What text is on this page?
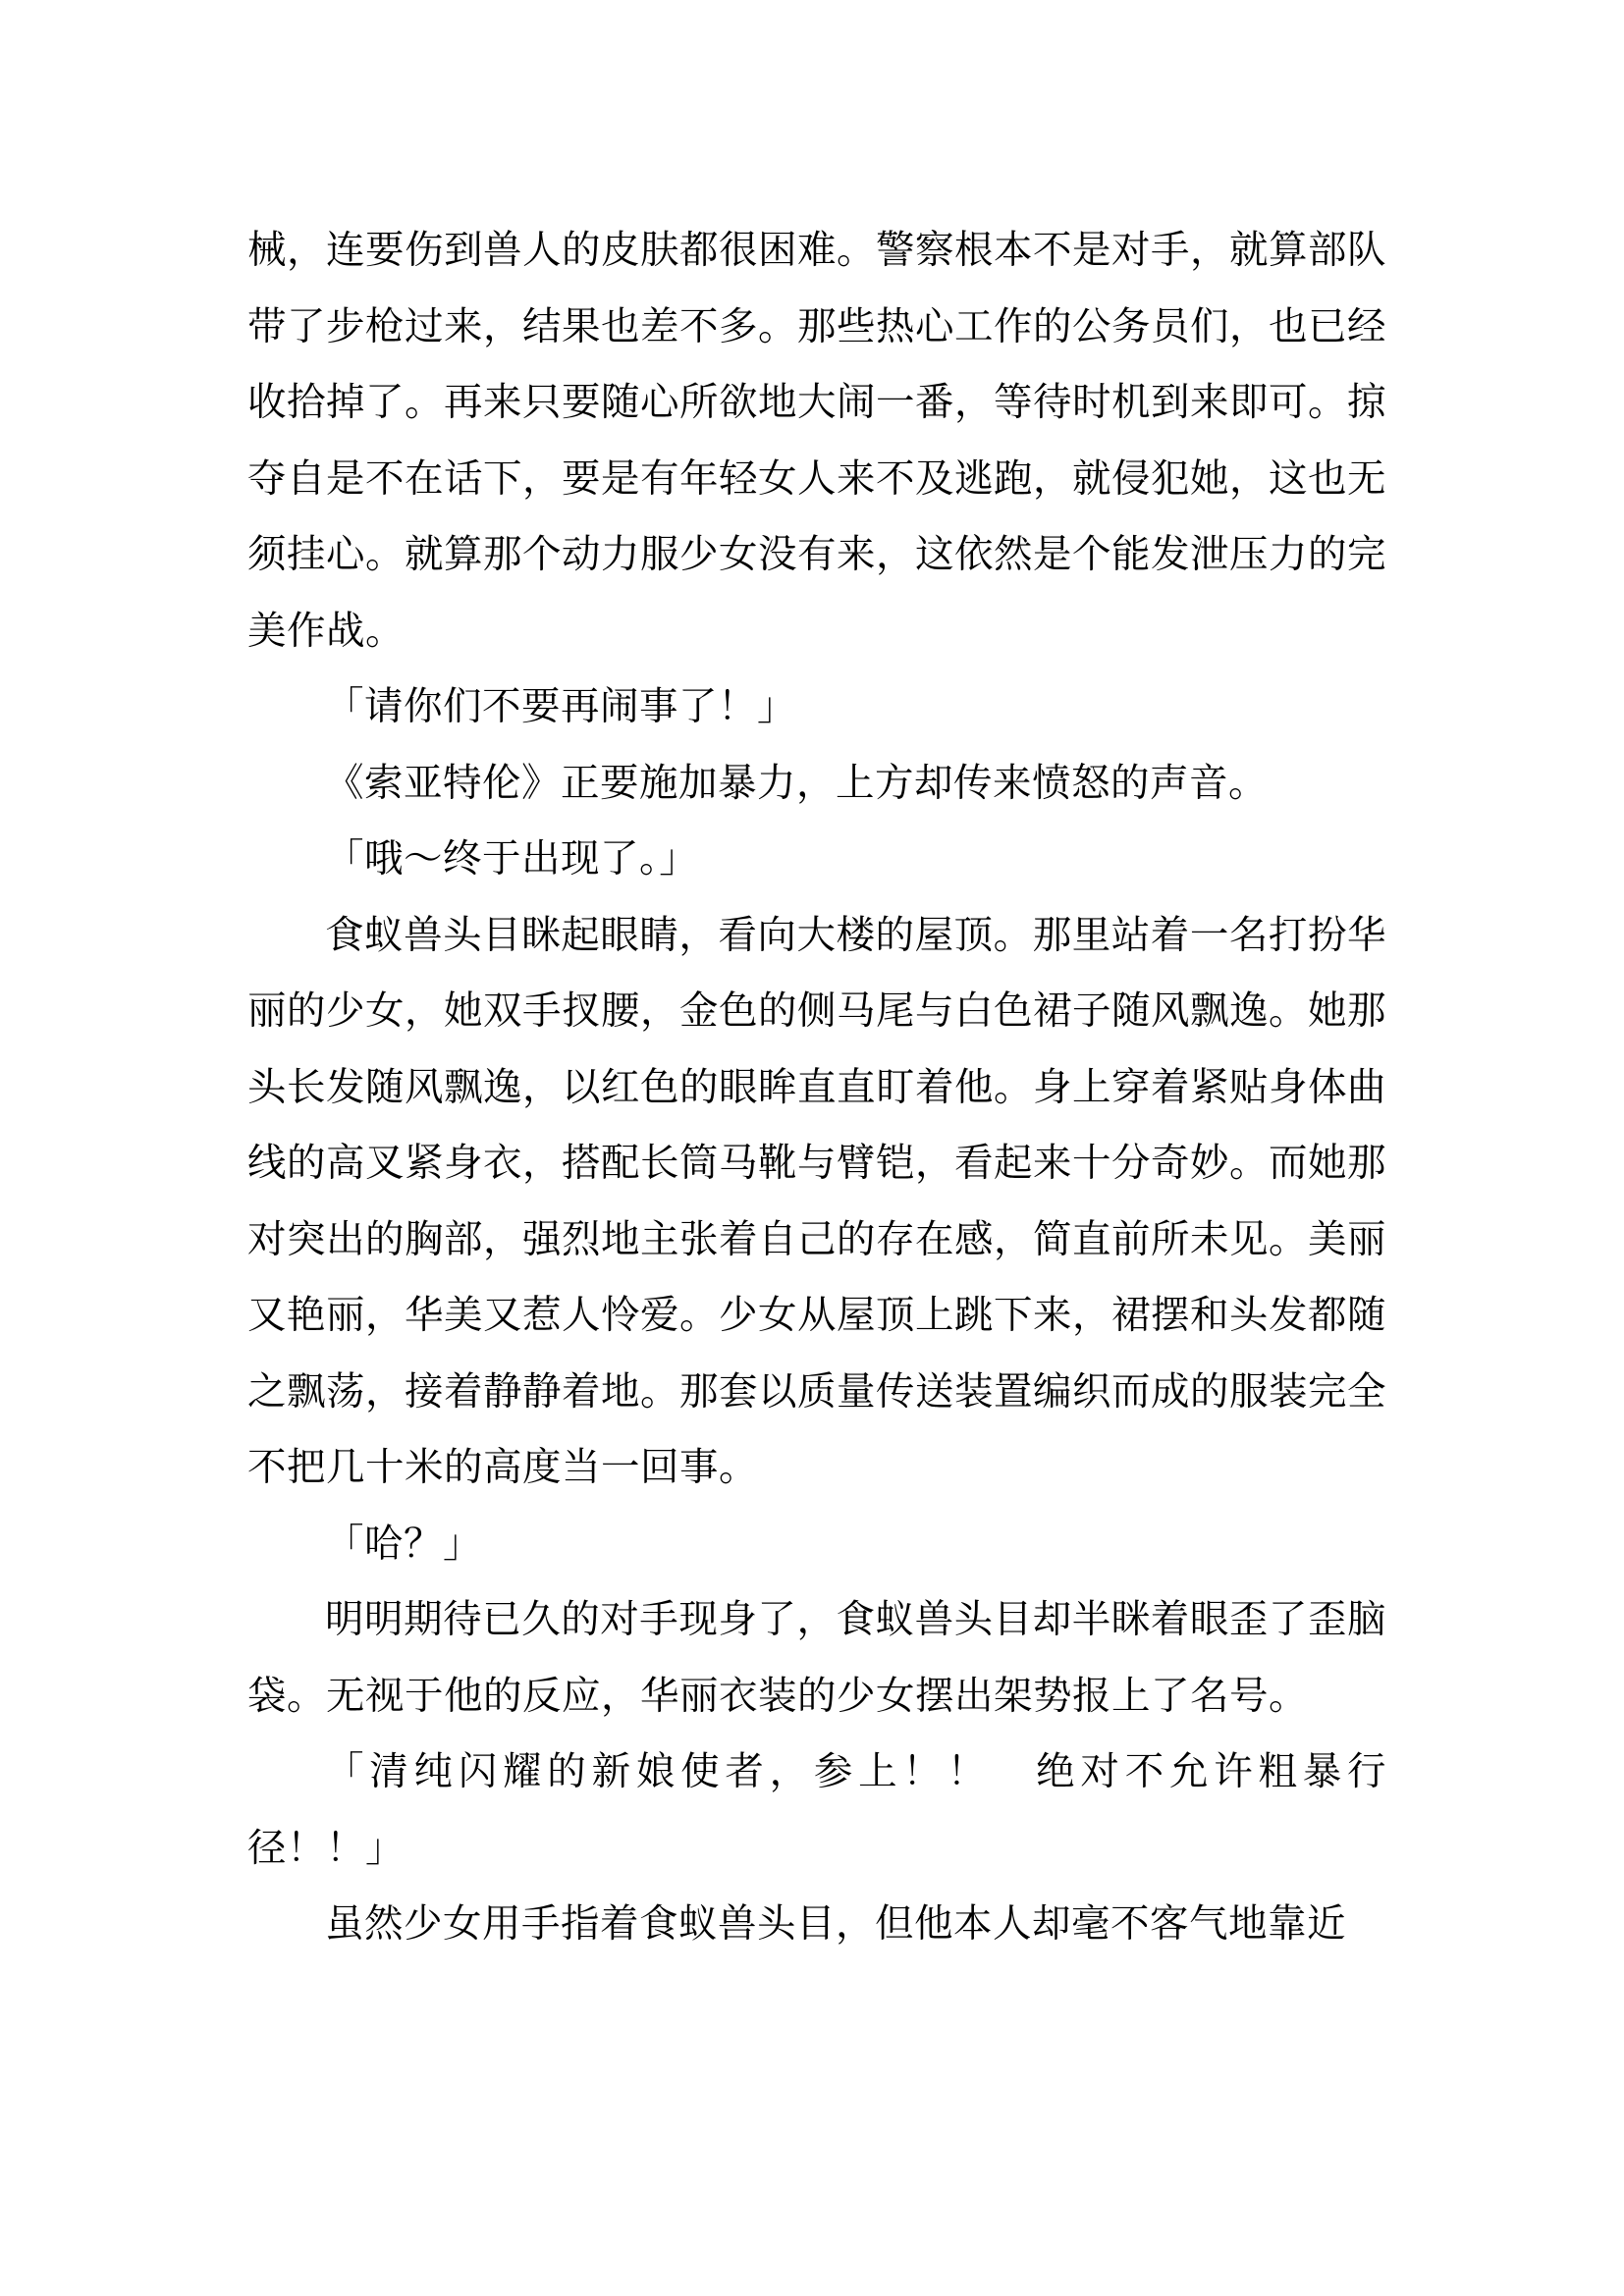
械，连要伤到兽人的皮肤都很困难。警察根本不是对手，就算部队带了步枪过来，结果也差不多。那些热心工作的公务员们，也已经收拾掉了。再来只要随心所欲地大闹一番，等待时机到来即可。掠夺自是不在话下，要是有年轻女人来不及逃跑，就侵犯她，这也无须挂心。就算那个动力服少女没有来，这依然是个能发泄压力的完美作战。

「请你们不要再闹事了！」

《索亚特伦》正要施加暴力，上方却传来愤怒的声音。

「哦～终于出现了。」

食蚁兽头目眯起眼睛，看向大楼的屋顶。那里站着一名打扮华丽的少女，她双手扠腰，金色的侧马尾与白色裙子随风飘逸。她那头长发随风飘逸，以红色的眼眸直直盯着他。身上穿着紧贴身体曲线的高叉紧身衣，搭配长筒马靴与臂铠，看起来十分奇妙。而她那对突出的胸部，强烈地主张着自己的存在感，简直前所未见。美丽又艳丽，华美又惹人怜爱。少女从屋顶上跳下来，裙摆和头发都随之飘荡，接着静静着地。那套以质量传送装置编织而成的服装完全不把几十米的高度当一回事。

「哈？」

明明期待已久的对手现身了，食蚁兽头目却半眯着眼歪了歪脑袋。无视于他的反应，华丽衣装的少女摆出架势报上了名号。

「清纯闪耀的新娘使者，参上！！　绝对不允许粗暴行径！！」

虽然少女用手指着食蚁兽头目，但他本人却毫不客气地靠近
